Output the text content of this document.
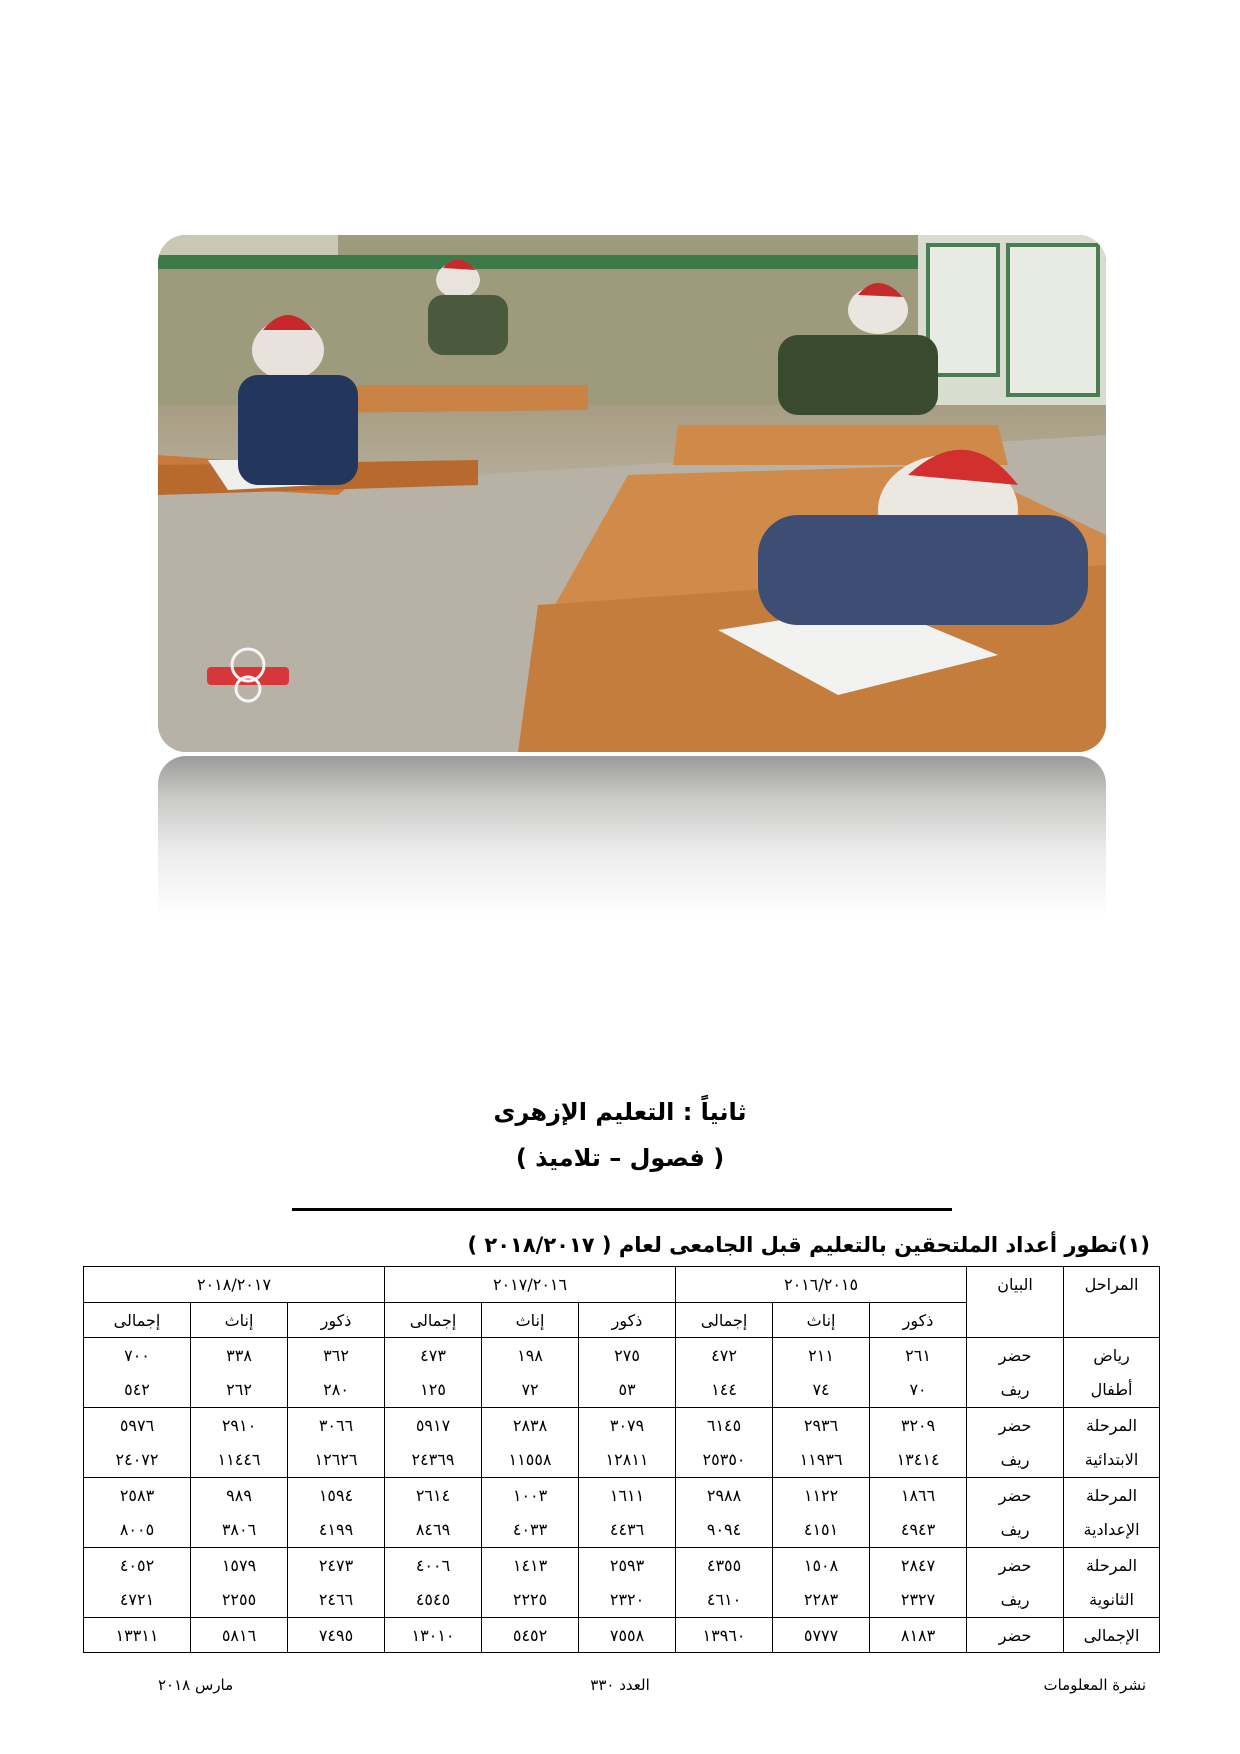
ثانياً : التعليم الإزهرى
( فصول – تلاميذ )
(١)تطور أعداد الملتحقين بالتعليم قبل الجامعى لعام ( ٢٠١٨/٢٠١٧ )
المراحل	البيان	٢٠١٦/٢٠١٥			٢٠١٧/٢٠١٦			٢٠١٨/٢٠١٧		
		ذكور	إناث	إجمالى	ذكور	إناث	إجمالى	ذكور	إناث	إجمالى
رياض	حضر	٢٦١	٢١١	٤٧٢	٢٧٥	١٩٨	٤٧٣	٣٦٢	٣٣٨	٧٠٠
أطفال	ريف	٧٠	٧٤	١٤٤	٥٣	٧٢	١٢٥	٢٨٠	٢٦٢	٥٤٢
المرحلة	حضر	٣٢٠٩	٢٩٣٦	٦١٤٥	٣٠٧٩	٢٨٣٨	٥٩١٧	٣٠٦٦	٢٩١٠	٥٩٧٦
الابتدائية	ريف	١٣٤١٤	١١٩٣٦	٢٥٣٥٠	١٢٨١١	١١٥٥٨	٢٤٣٦٩	١٢٦٢٦	١١٤٤٦	٢٤٠٧٢
المرحلة	حضر	١٨٦٦	١١٢٢	٢٩٨٨	١٦١١	١٠٠٣	٢٦١٤	١٥٩٤	٩٨٩	٢٥٨٣
الإعدادية	ريف	٤٩٤٣	٤١٥١	٩٠٩٤	٤٤٣٦	٤٠٣٣	٨٤٦٩	٤١٩٩	٣٨٠٦	٨٠٠٥
المرحلة	حضر	٢٨٤٧	١٥٠٨	٤٣٥٥	٢٥٩٣	١٤١٣	٤٠٠٦	٢٤٧٣	١٥٧٩	٤٠٥٢
الثانوية	ريف	٢٣٢٧	٢٢٨٣	٤٦١٠	٢٣٢٠	٢٢٢٥	٤٥٤٥	٢٤٦٦	٢٢٥٥	٤٧٢١
الإجمالى	حضر	٨١٨٣	٥٧٧٧	١٣٩٦٠	٧٥٥٨	٥٤٥٢	١٣٠١٠	٧٤٩٥	٥٨١٦	١٣٣١١
نشرة المعلومات
العدد ٣٣٠
مارس ٢٠١٨
